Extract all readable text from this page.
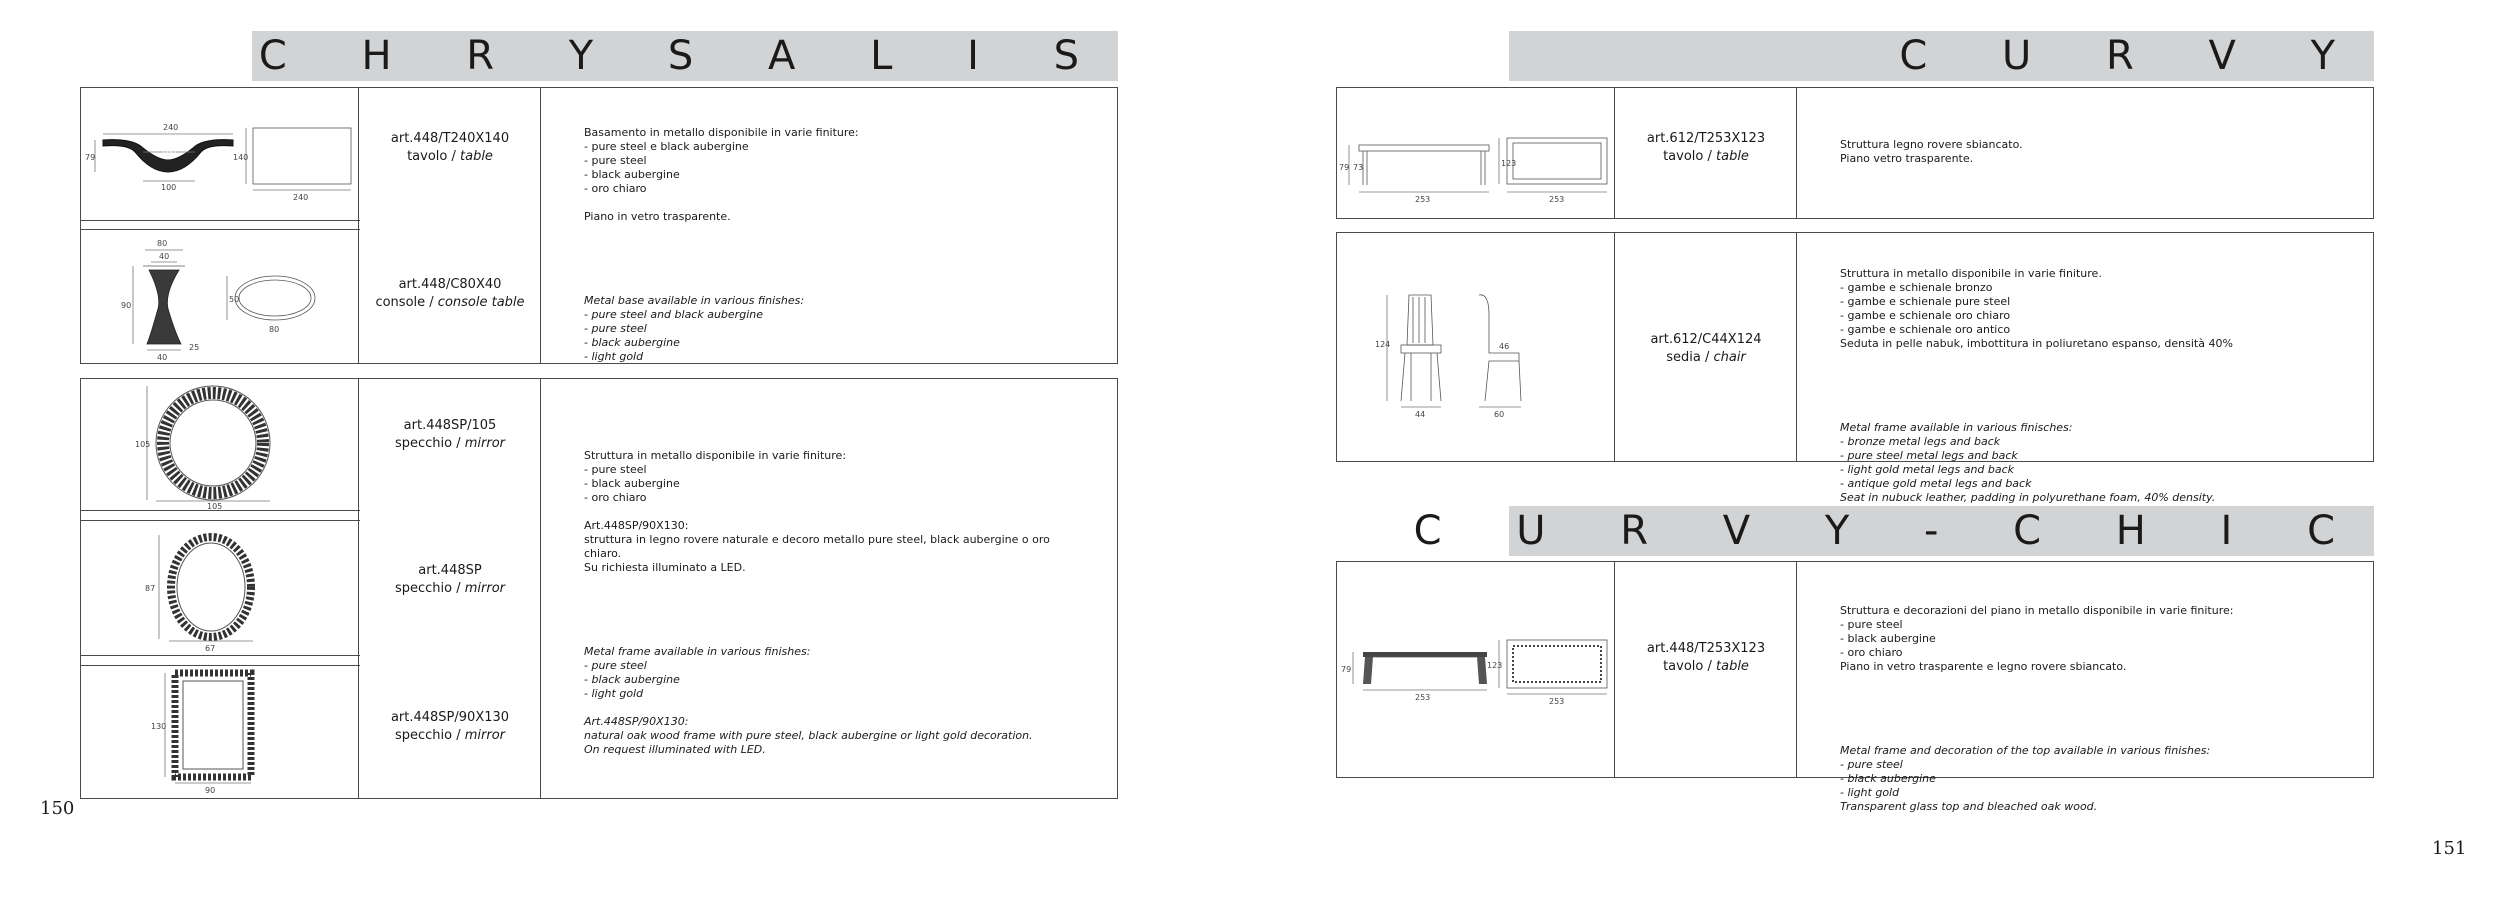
C H R Y S A L I S
240
180
100
79	140
240
80
40
90
25
40
50
80
art.448/T240X140
tavolo / table
art.448/C80X40
console / console table

Basamento in metallo disponibile in varie finiture:
- pure steel e black aubergine
- pure steel
- black aubergine
- oro chiaro

Piano in vetro trasparente.

Metal base available in various finishes:
- pure steel and black aubergine
- pure steel
- black aubergine
- light gold

105
105
87
67
130
90
art.448SP/105
specchio / mirror
art.448SP
specchio / mirror
art.448SP/90X130
specchio / mirror

Struttura in metallo disponibile in varie finiture:
- pure steel
- black aubergine
- oro chiaro

Art.448SP/90X130:
struttura in legno rovere naturale e decoro metallo pure steel, black aubergine o oro
chiaro.
Su richiesta illuminato a LED.

Metal frame available in various finishes:
- pure steel
- black aubergine
- light gold

Art.448SP/90X130:
natural oak wood frame with pure steel, black aubergine or light gold decoration.
On request illuminated with LED.

150
C U R V Y
79 73
253
123
253
art.612/T253X123
tavolo / table

Struttura legno rovere sbiancato.
Piano vetro trasparente.

124
44
46
60
art.612/C44X124
sedia / chair

Struttura in metallo disponibile in varie finiture.
- gambe e schienale bronzo
- gambe e schienale pure steel
- gambe e schienale oro chiaro
- gambe e schienale oro antico
Seduta in pelle nabuk, imbottitura in poliuretano espanso, densità 40%

Metal frame available in various finisches:
- bronze metal legs and back
- pure steel metal legs and back
- light gold metal legs and back
- antique gold metal legs and back
Seat in nubuck leather, padding in polyurethane foam, 40% density.

C U R V Y - C H I C
79
253
123
253
art.448/T253X123
tavolo / table

Struttura e decorazioni del piano in metallo disponibile in varie finiture:
- pure steel
- black aubergine
- oro chiaro
Piano in vetro trasparente e legno rovere sbiancato.

Metal frame and decoration of the top available in various finishes:
- pure steel
- black aubergine
- light gold
Transparent glass top and bleached oak wood.

151
